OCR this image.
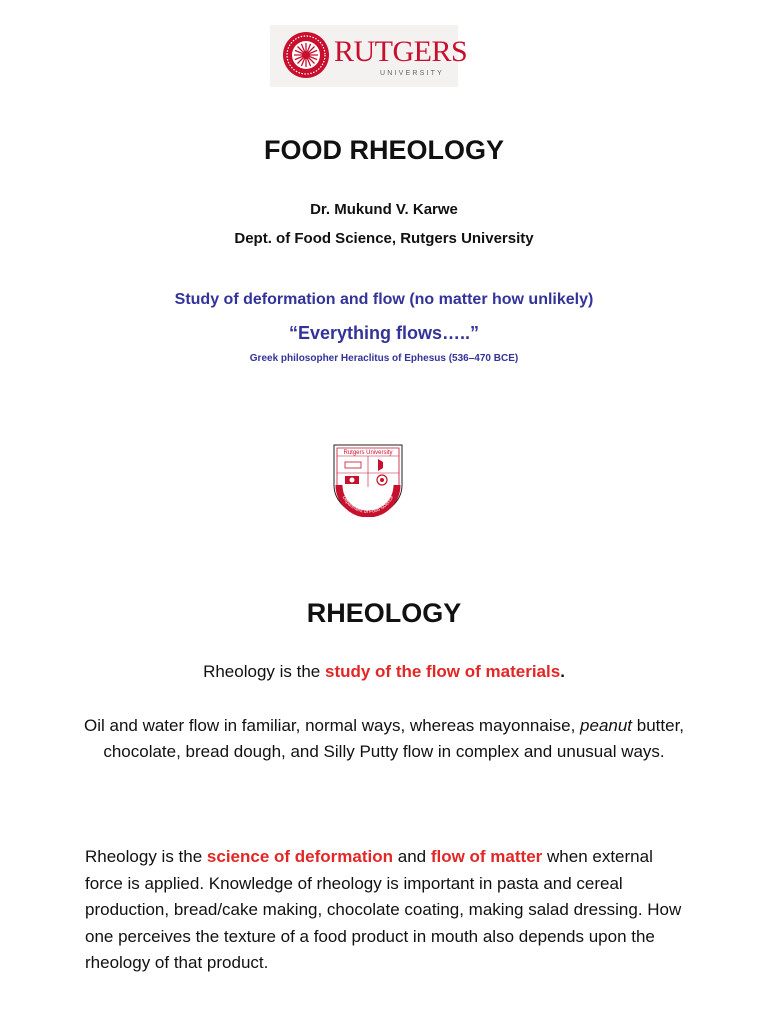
RUTGERS
UNIVERSITY
FOOD RHEOLOGY
Dr. Mukund V. Karwe
Dept. of Food Science, Rutgers University
Study of deformation and flow (no matter how unlikely)
“Everything flows…..”
Greek philosopher Heraclitus of Ephesus (536–470 BCE)
Rutgers University
Department of Food Science
RHEOLOGY
Rheology is the study of the flow of materials.
Oil and water flow in familiar, normal ways, whereas mayonnaise, peanut butter, chocolate, bread dough, and Silly Putty flow in complex and unusual ways.
Rheology is the science of deformation and flow of matter when external force is applied. Knowledge of rheology is important in pasta and cereal production, bread/cake making, chocolate coating, making salad dressing. How one perceives the texture of a food product in mouth also depends upon the rheology of that product.
